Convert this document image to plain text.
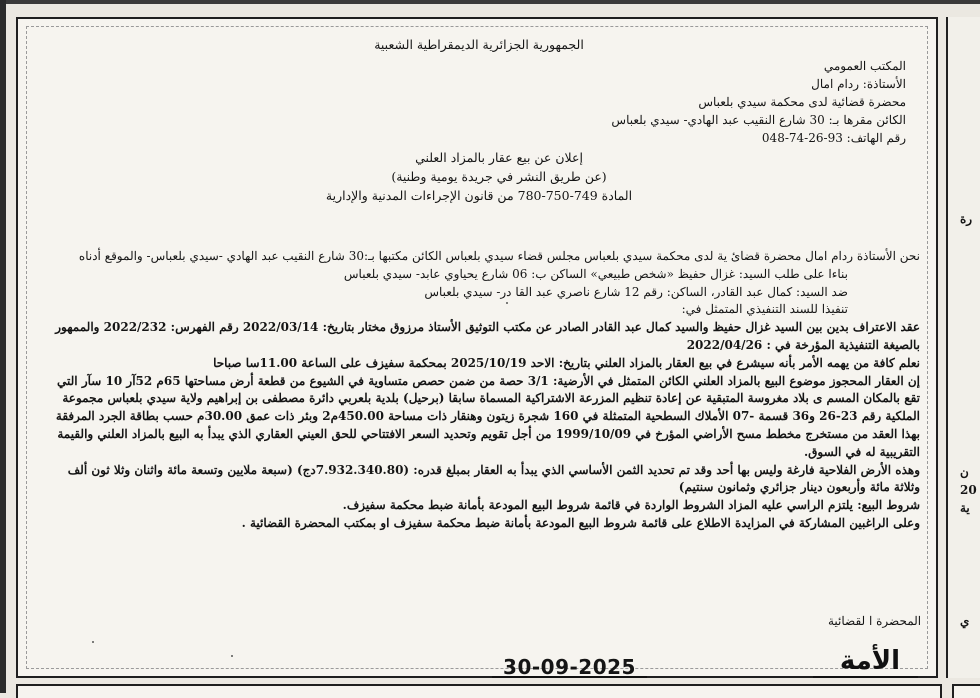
رة
ن
20
ية
ي
الجمهورية الجزائرية الديمقراطية الشعبية
المكتب العمومي
الأستاذة: ردام امال
محضرة قضائية لدى محكمة سيدي بلعباس
الكائن مقرها بـ: 30 شارع النقيب عبد الهادي- سيدي بلعباس
رقم الهاتف: 93-26-74-048
إعلان عن بيع عقار بالمزاد العلني
(عن طريق النشر في جريدة يومية وطنية)
المادة 749-750-780 من قانون الإجراءات المدنية والإدارية

نحن الأستاذة ردام امال محضرة قضائ ية لدى محكمة سيدي بلعباس مجلس قضاء سيدي بلعباس الكائن مكتبها بـ:30 شارع النقيب عبد الهادي -سيدي بلعباس- والموقع أدناه

بناءا على طلب السيد: غزال حفيظ «شخص طبيعي» الساكن ب: 06 شارع يحياوي عابد- سيدي بلعباس

ضد السيد: كمال عبد القادر، الساكن: رقم 12 شارع ناصري عبد القا در- سيدي بلعباس

تنفيذا للسند التنفيذي المتمثل في:

عقد الاعتراف بدين بين السيد غزال حفيظ والسيد كمال عبد القادر الصادر عن مكتب التوثيق الأستاذ مرزوق مختار بتاريخ: 2022/03/14 رقم الفهرس: 2022/232 والممهور بالصيغة التنفيذية المؤرخة في : 2022/04/26

نعلم كافة من يهمه الأمر بأنه سيشرع في بيع العقار بالمزاد العلني بتاريخ: الاحد 2025/10/19 بمحكمة سفيزف على الساعة 11.00سا صباحا

إن العقار المحجوز موضوع البيع بالمزاد العلني الكائن المتمثل في الأرضية: 3/1 حصة من ضمن حصص متساوية في الشيوع من قطعة أرض مساحتها 65م 52آر 10 سآر التي تقع بالمكان المسم ى بلاد مغروسة المتبقية عن إعادة تنظيم المزرعة الاشتراكية المسماة سابقا (برحيل) بلدية بلعربي دائرة مصطفى بن إبراهيم ولاية سيدي بلعباس مجموعة الملكية رقم 23-26 و36 قسمة -07 الأملاك السطحية المتمثلة في 160 شجرة زيتون وهنقار ذات مساحة 450.00م2 وبئر ذات عمق 30.00م حسب بطاقة الجرد المرفقة بهذا العقد من مستخرج مخطط مسح الأراضي المؤرخ في 1999/10/09 من أجل تقويم وتحديد السعر الافتتاحي للحق العيني العقاري الذي يبدأ به البيع بالمزاد العلني والقيمة التقريبية له في السوق.

وهذه الأرض الفلاحية فارغة وليس بها أحد وقد تم تحديد الثمن الأساسي الذي يبدأ به العقار بمبلغ قدره: (7.932.340.80دج) (سبعة ملايين وتسعة مائة واثنان وثلا ثون ألف وثلاثة مائة وأربعون دينار جزائري وثمانون سنتيم)

شروط البيع: يلتزم الراسي عليه المزاد الشروط الواردة في قائمة شروط البيع المودعة بأمانة ضبط محكمة سفيزف.

وعلى الراغبين المشاركة في المزايدة الاطلاع على قائمة شروط البيع المودعة بأمانة ضبط محكمة سفيزف او بمكتب المحضرة القضائية .

المحضرة ا لقضائية
30-09-2025	الأمة
